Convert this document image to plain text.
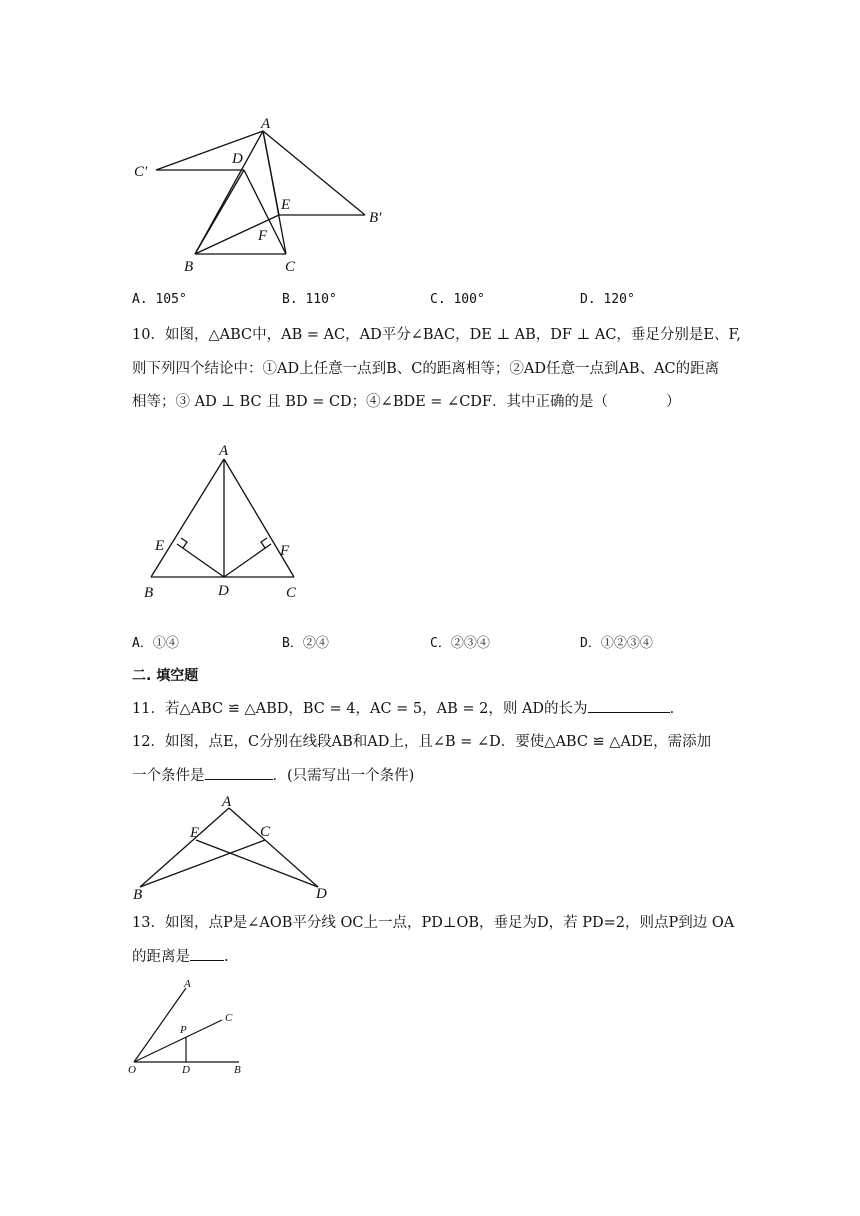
A
C′
D
E
B′
F
B	C
A. 105°	B. 110°	C. 100°	D. 120°
10．如图，△ABC中，AB = AC，AD平分∠BAC，DE ⊥ AB，DF ⊥ AC，垂足分别是E、F,
则下列四个结论中：①AD上任意一点到B、C的距离相等；②AD任意一点到AB、AC的距离
相等；③ AD ⊥ BC 且 BD = CD；④∠BDE = ∠CDF．其中正确的是（　　　　）
A
E	F
B	D	C
A．①④	B．②④	C．②③④	D．①②③④
二. 填空题
11．若△ABC ≌ △ABD，BC = 4，AC = 5，AB = 2，则 AD的长为	.
12．如图，点E，C分别在线段AB和AD上，且∠B = ∠D．要使△ABC ≌ △ADE，需添加
一个条件是	．(只需写出一个条件)
A
E	C
B	D
13．如图，点P是∠AOB平分线 OC上一点，PD⊥OB，垂足为D，若 PD=2，则点P到边 OA
的距离是 .
A
C
P
O	D	B
